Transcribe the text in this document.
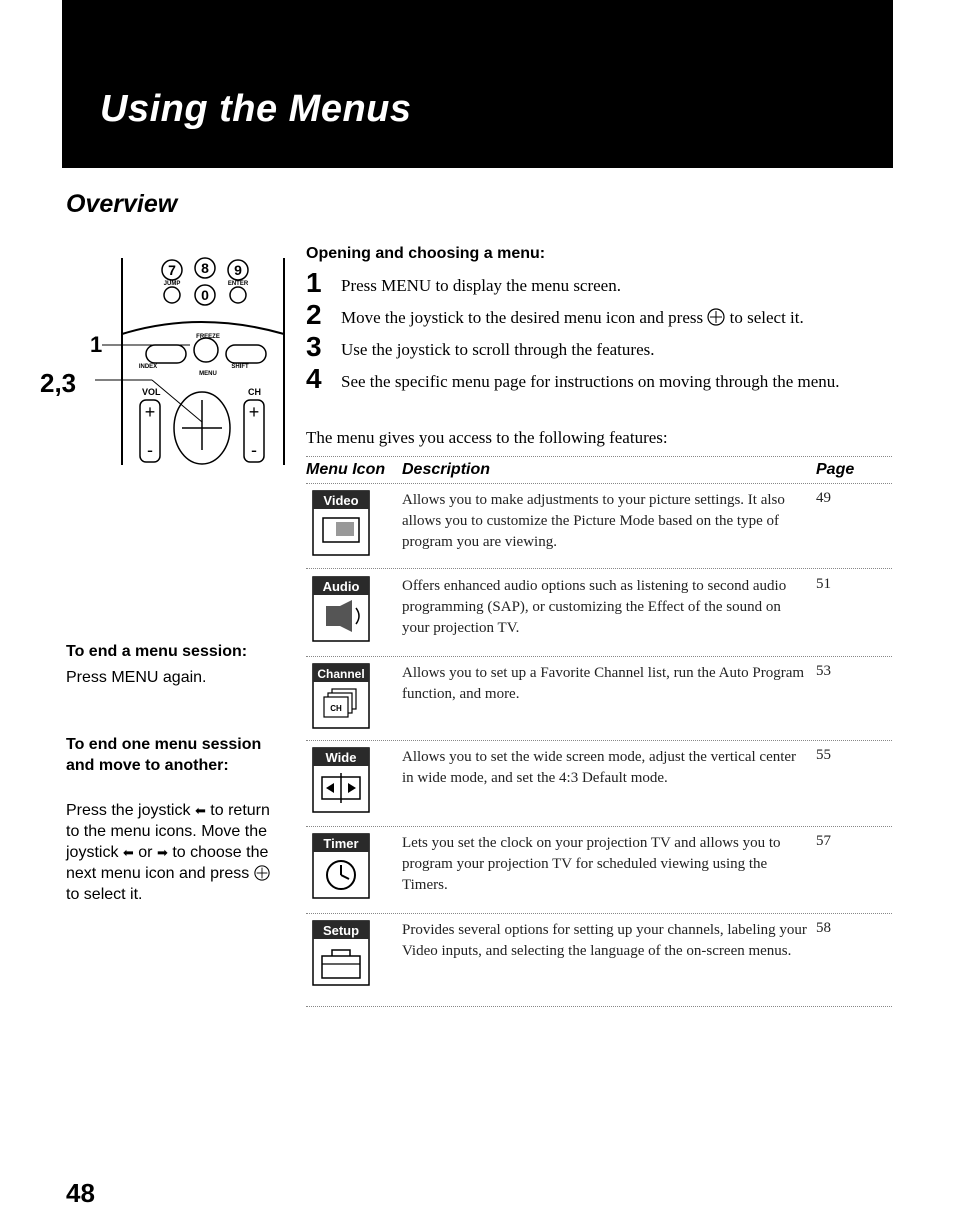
Using the Menus
Overview
7 8 9
0
JUMP	ENTER
FREEZE
INDEX
MENU
SHIFT
VOL	CH
+
-
+
-
1
2,3
Opening and choosing a menu:
1 Press MENU to display the menu screen.
2 Move the joystick to the desired menu icon and press to select it.
3 Use the joystick to scroll through the features.
4 See the specific menu page for instructions on moving through the menu.

The menu gives you access to the following features:

Menu Icon Description	Page
Video	Allows you to make adjustments to your picture settings. It also allows you to customize the Picture Mode based on the type of program you are viewing.

49
Audio	Offers enhanced audio options such as listening to second audio programming (SAP), or customizing the Effect of the sound on your projection TV.

51
Channel
CH

Allows you to set up a Favorite Channel list, run the Auto Program function, and more.

53
Wide	Allows you to set the wide screen mode, adjust the vertical center in wide mode, and set the 4:3 Default mode.

55
Timer	Lets you set the clock on your projection TV and allows you to program your projection TV for scheduled viewing using the Timers.

57
Setup	Provides several options for setting up your channels, labeling your Video inputs, and selecting the language of the on-screen menus.

58
To end a menu session:

Press MENU again.

To end one menu session and move to another:

Press the joystick ⬅ to return to the menu icons. Move the joystick ⬅ or ➡ to choose the next menu icon and press  to select it.

48
